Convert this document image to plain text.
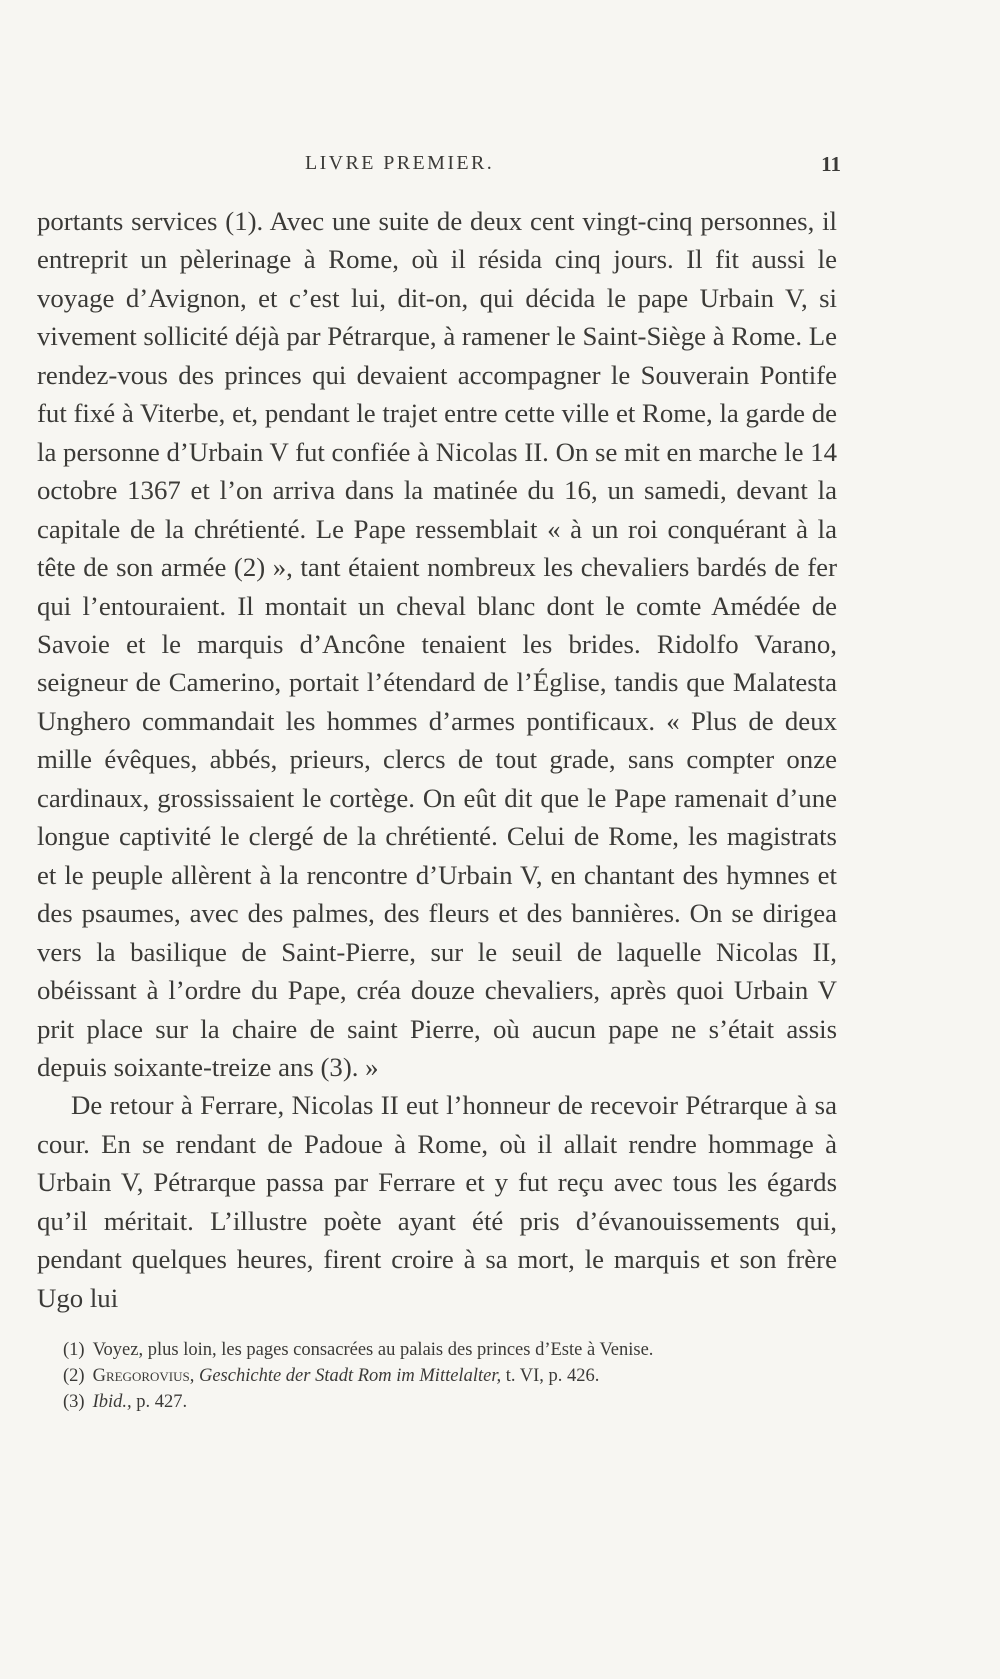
LIVRE PREMIER.	11

portants services (1). Avec une suite de deux cent vingt-cinq personnes, il entreprit un pèlerinage à Rome, où il résida cinq jours. Il fit aussi le voyage d’Avignon, et c’est lui, dit-on, qui décida le pape Urbain V, si vivement sollicité déjà par Pétrarque, à ramener le Saint-Siège à Rome. Le rendez-vous des princes qui devaient accompagner le Souverain Pontife fut fixé à Viterbe, et, pendant le trajet entre cette ville et Rome, la garde de la personne d’Urbain V fut confiée à Nicolas II. On se mit en marche le 14 octobre 1367 et l’on arriva dans la matinée du 16, un samedi, devant la capitale de la chrétienté. Le Pape ressemblait « à un roi conquérant à la tête de son armée (2) », tant étaient nombreux les chevaliers bardés de fer qui l’entouraient. Il montait un cheval blanc dont le comte Amédée de Savoie et le marquis d’Ancône tenaient les brides. Ridolfo Varano, seigneur de Camerino, portait l’étendard de l’Église, tandis que Malatesta Unghero commandait les hommes d’armes pontificaux. « Plus de deux mille évêques, abbés, prieurs, clercs de tout grade, sans compter onze cardinaux, grossissaient le cortège. On eût dit que le Pape ramenait d’une longue captivité le clergé de la chrétienté. Celui de Rome, les magistrats et le peuple allèrent à la rencontre d’Urbain V, en chantant des hymnes et des psaumes, avec des palmes, des fleurs et des bannières. On se dirigea vers la basilique de Saint-Pierre, sur le seuil de laquelle Nicolas II, obéissant à l’ordre du Pape, créa douze chevaliers, après quoi Urbain V prit place sur la chaire de saint Pierre, où aucun pape ne s’était assis depuis soixante-treize ans (3). »

De retour à Ferrare, Nicolas II eut l’honneur de recevoir Pétrarque à sa cour. En se rendant de Padoue à Rome, où il allait rendre hommage à Urbain V, Pétrarque passa par Ferrare et y fut reçu avec tous les égards qu’il méritait. L’illustre poète ayant été pris d’évanouissements qui, pendant quelques heures, firent croire à sa mort, le marquis et son frère Ugo lui

(1) Voyez, plus loin, les pages consacrées au palais des princes d’Este à Venise.
(2) Gregorovius, Geschichte der Stadt Rom im Mittelalter, t. VI, p. 426.
(3) Ibid., p. 427.
